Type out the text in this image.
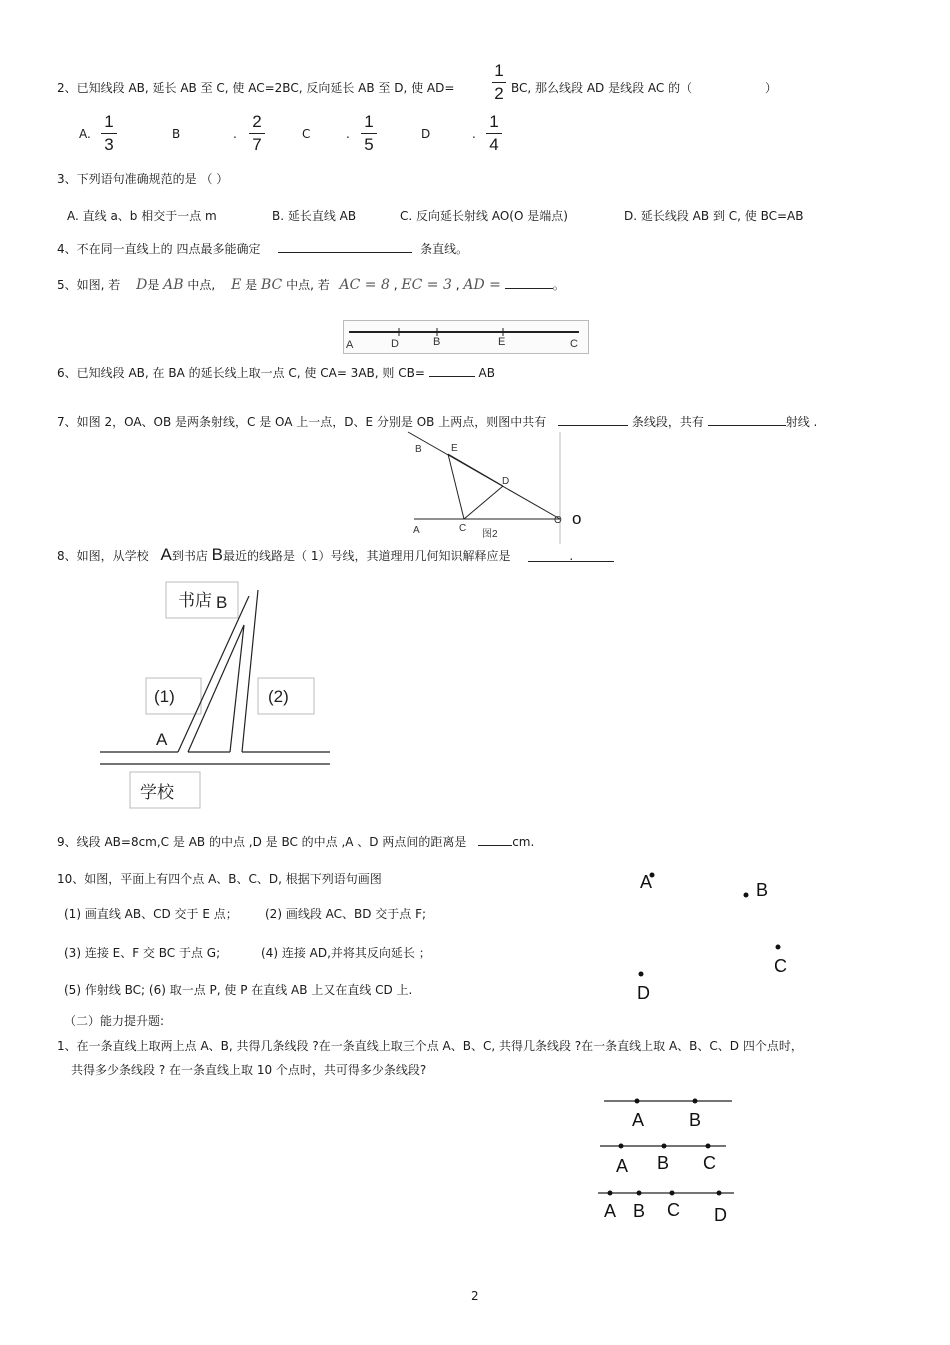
2、已知线段 AB, 延长 AB 至 C, 使 AC=2BC, 反向延长 AB 至 D, 使 AD=
1
2 BC, 那么线段 AD 是线段 AC 的（	）
A.
1
3
B	.
2
7
C	.
1
5
D	.
1
4
3、下列语句准确规范的是 （ ）
A. 直线 a、b 相交于一点 m	B. 延长直线 AB	C. 反向延长射线 AO(O 是端点)	D. 延长线段 AB 到 C, 使 BC=AB
4、不在同一直线上的 四点最多能确定	条直线。
5、如图, 若 D是 AB 中点, E 是 BC 中点, 若 AC = 8 , EC = 3 , AD =	。
A	D	B	E	C
6、已知线段 AB, 在 BA 的延长线上取一点 C, 使 CA= 3AB, 则 CB=	AB
7、如图 2，OA、OB 是两条射线，C 是 OA 上一点，D、E 分别是 OB 上两点，则图中共有	条线段，共有	射线 .
B	E
D
A	C
O
图2
o
8、如图，从学校 A到书店 B最近的线路是（ 1）号线，其道理用几何知识解释应是	.
书店 B
(1)	(2)
A
学校
9、线段 AB=8cm,C 是 AB 的中点 ,D 是 BC 的中点 ,A 、D 两点间的距离是	cm.
10、如图，平面上有四个点 A、B、C、D, 根据下列语句画图
(1) 画直线 AB、CD 交于 E 点； (2) 画线段 AC、BD 交于点 F;
(3) 连接 E、F 交 BC 于点 G;	(4) 连接 AD,并将其反向延长 ；
(5) 作射线 BC; (6) 取一点 P, 使 P 在直线 AB 上又在直线 CD 上.
A	B
C
D
（二）能力提升题:
1、在一条直线上取两上点 A、B, 共得几条线段 ?在一条直线上取三个点 A、B、C, 共得几条线段 ?在一条直线上取 A、B、C、D 四个点时，
共得多少条线段 ? 在一条直线上取 10 个点时，共可得多少条线段?
A B
A B C
A B C D
2
